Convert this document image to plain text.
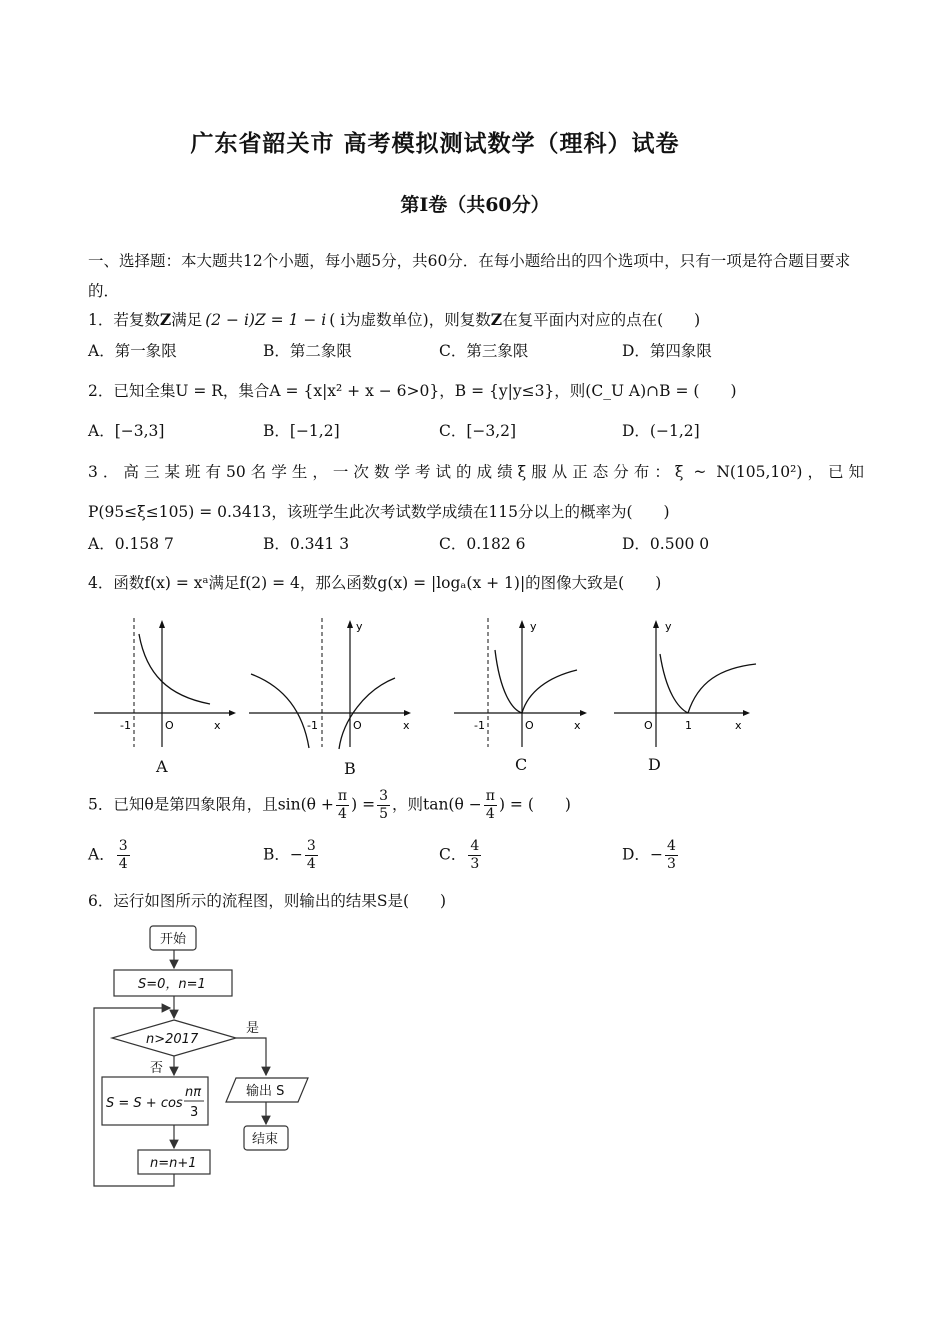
广东省韶关市 高考模拟测试数学（理科）试卷
第Ⅰ卷（共60分）
一、选择题：本大题共12个小题，每小题5分，共60分．在每小题给出的四个选项中，只有一项是符合题目要求的．
1．若复数Z满足 (2 − i)Z = 1 − i ( i为虚数单位)，则复数Z在复平面内对应的点在(　　)
A．第一象限	B．第二象限	C．第三象限	D．第四象限
2．已知全集U = R，集合A = {x|x² + x − 6>0}，B = {y|y≤3}，则(C_U A)∩B = (　　)
A．[−3,3]	B．[−1,2]	C．[−3,2]	D．(−1,2]
3．高三某班有50名学生，一次数学考试的成绩ξ服从正态分布：ξ ~ N(105,10²)，已知
P(95≤ξ≤105) = 0.3413，该班学生此次考试数学成绩在115分以上的概率为(　　)
A．0.158 7	B．0.341 3	C．0.182 6	D．0.500 0
4．函数f(x) = xᵃ满足f(2) = 4，那么函数g(x) = |logₐ(x + 1)|的图像大致是(　　)
-1	O	x
A
-1	O	x
y
B
-1	O	x
y
C
O	1	x
y
D
5．已知θ是第四象限角，且$\sin(\theta + \frac{\pi}{4}$ ) = $\frac{3}{5}$ ，则$\tan(\theta - \frac{\pi}{4}$ ) = (　　)
A． $\frac{3}{4}$	B．− $\frac{3}{4}$	C． $\frac{4}{3}$	D．− $\frac{4}{3}$
6．运行如图所示的流程图，则输出的结果S是(　　)
开始
S=0，n=1
n>2017
是
输出 S
结束
否
S = S + cos
nπ
3
n=n+1
